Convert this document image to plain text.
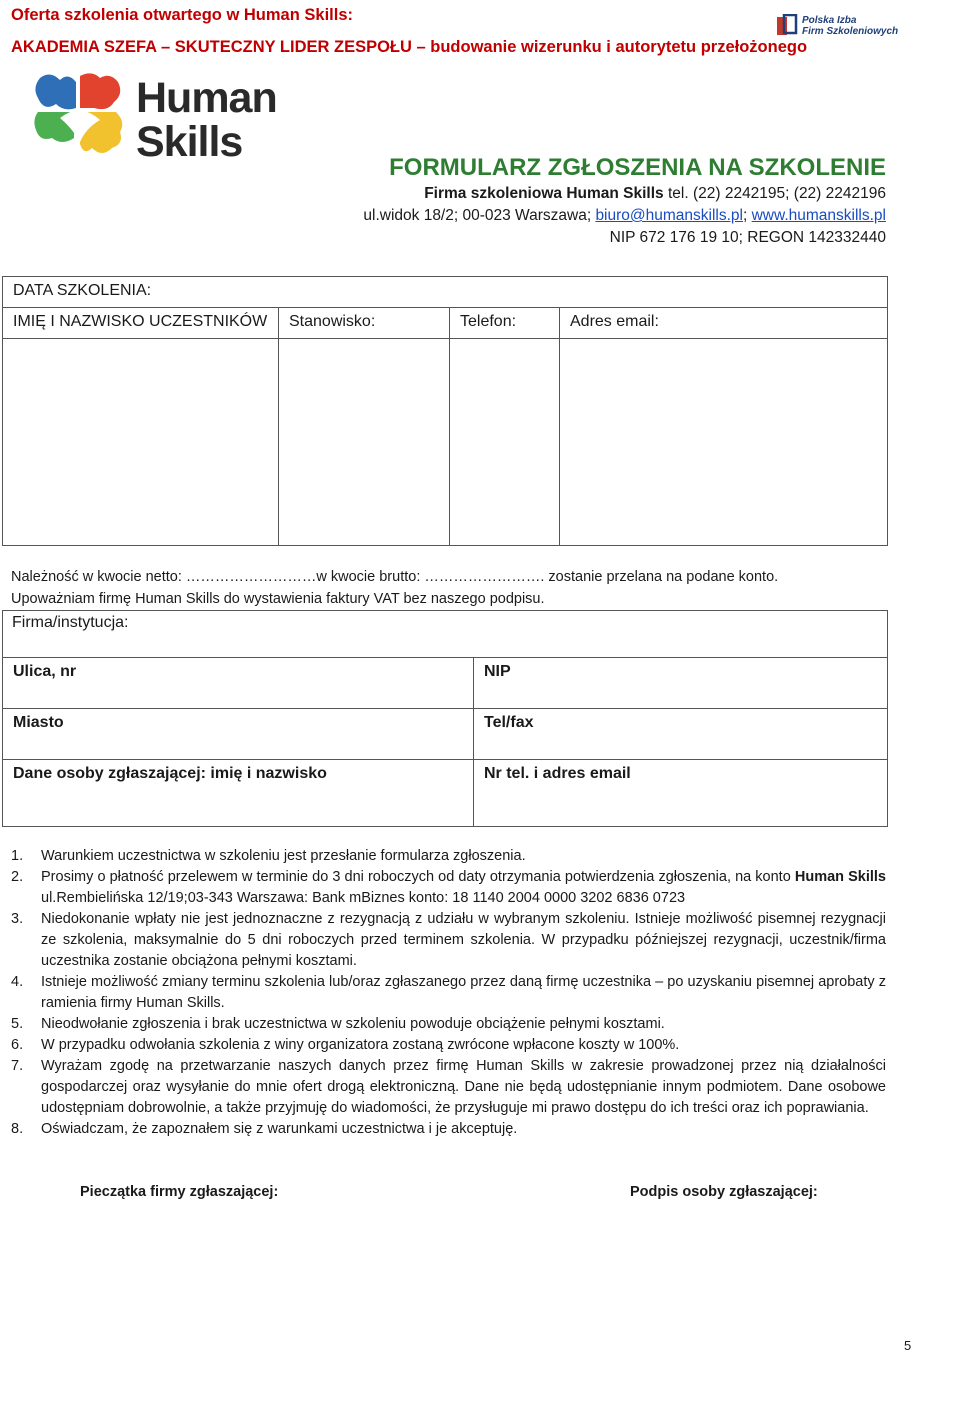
Oferta szkolenia otwartego w Human Skills:
AKADEMIA SZEFA – SKUTECZNY LIDER ZESPOŁU – budowanie wizerunku i autorytetu przełożonego
Polska Izba
Firm Szkoleniowych
Human
Skills
FORMULARZ ZGŁOSZENIA NA SZKOLENIE
Firma szkoleniowa Human Skills tel. (22) 2242195; (22) 2242196
ul.widok 18/2; 00-023 Warszawa; biuro@humanskills.pl; www.humanskills.pl
NIP 672 176 19 10; REGON 142332440
DATA SZKOLENIA:			

IMIĘ I NAZWISKO UCZESTNIKÓW	Stanowisko:	Telefon:	Adres email:

Należność w kwocie netto: ………………………w kwocie brutto: ……………………. zostanie przelana na podane konto.
Upoważniam firmę Human Skills do wystawienia faktury VAT bez naszego podpisu.
Firma/instytucja:	

Ulica, nr	NIP

Miasto	Tel/fax

Dane osoby zgłaszającej: imię i nazwisko	Nr tel. i adres email
1.	Warunkiem uczestnictwa w szkoleniu jest przesłanie formularza zgłoszenia.
2.	Prosimy o płatność przelewem w terminie do 3 dni roboczych od daty otrzymania potwierdzenia zgłoszenia, na konto Human Skills ul.Rembielińska 12/19;03-343 Warszawa: Bank mBiznes konto: 18 1140 2004 0000 3202 6836 0723
3.	Niedokonanie wpłaty nie jest jednoznaczne z rezygnacją z udziału w wybranym szkoleniu. Istnieje możliwość pisemnej rezygnacji ze szkolenia, maksymalnie do 5 dni roboczych przed terminem szkolenia. W przypadku późniejszej rezygnacji, uczestnik/firma uczestnika zostanie obciążona pełnymi kosztami.
4.	Istnieje możliwość zmiany terminu szkolenia lub/oraz zgłaszanego przez daną firmę uczestnika – po uzyskaniu pisemnej aprobaty z ramienia firmy Human Skills.
5.	Nieodwołanie zgłoszenia i brak uczestnictwa w szkoleniu powoduje obciążenie pełnymi kosztami.
6.	W przypadku odwołania szkolenia z winy organizatora zostaną zwrócone wpłacone koszty w 100%.
7.	Wyrażam zgodę na przetwarzanie naszych danych przez firmę Human Skills w zakresie prowadzonej przez nią działalności gospodarczej oraz wysyłanie do mnie ofert drogą elektroniczną. Dane nie będą udostępnianie innym podmiotem. Dane osobowe udostępniam dobrowolnie, a także przyjmuję do wiadomości, że przysługuje mi prawo dostępu do ich treści oraz ich poprawiania.
8.	Oświadczam, że zapoznałem się z warunkami uczestnictwa i je akceptuję.
Pieczątka firmy zgłaszającej:	Podpis osoby zgłaszającej:
5
